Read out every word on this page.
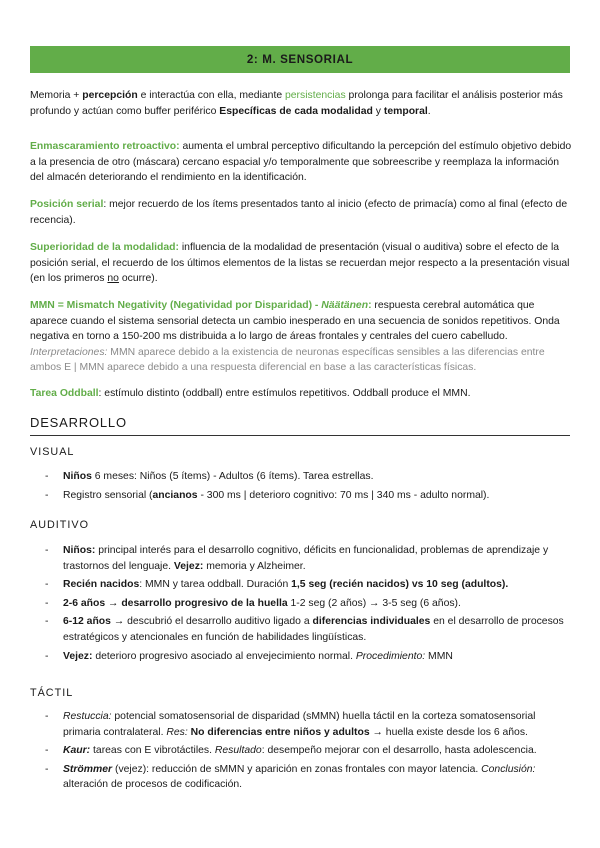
2: M. SENSORIAL

Memoria + percepción e interactúa con ella, mediante persistencias prolonga para facilitar el análisis posterior más profundo y actúan como buffer periférico Específicas de cada modalidad y temporal.

Enmascaramiento retroactivo: aumenta el umbral perceptivo dificultando la percepción del estímulo objetivo debido a la presencia de otro (máscara) cercano espacial y/o temporalmente que sobreescribe y reemplaza la información del almacén deteriorando el rendimiento en la identificación.

Posición serial: mejor recuerdo de los ítems presentados tanto al inicio (efecto de primacía) como al final (efecto de recencia).

Superioridad de la modalidad: influencia de la modalidad de presentación (visual o auditiva) sobre el efecto de la posición serial, el recuerdo de los últimos elementos de la listas se recuerdan mejor respecto a la presentación visual (en los primeros no ocurre).

MMN = Mismatch Negativity (Negatividad por Disparidad) - Näätänen: respuesta cerebral automática que aparece cuando el sistema sensorial detecta un cambio inesperado en una secuencia de sonidos repetitivos. Onda negativa en torno a 150-200 ms distribuida a lo largo de áreas frontales y centrales del cuero cabelludo.
Interpretaciones: MMN aparece debido a la existencia de neuronas específicas sensibles a las diferencias entre ambos E | MMN aparece debido a una respuesta diferencial en base a las características físicas.

Tarea Oddball: estímulo distinto (oddball) entre estímulos repetitivos. Oddball produce el MMN.

DESARROLLO
VISUAL
- Niños 6 meses: Niños (5 ítems) - Adultos (6 ítems). Tarea estrellas.
- Registro sensorial (ancianos - 300 ms | deterioro cognitivo: 70 ms | 340 ms - adulto normal).
AUDITIVO
- Niños: principal interés para el desarrollo cognitivo, déficits en funcionalidad, problemas de aprendizaje y trastornos del lenguaje. Vejez: memoria y Alzheimer.
- Recién nacidos: MMN y tarea oddball. Duración 1,5 seg (recién nacidos) vs 10 seg (adultos).
- 2-6 años → desarrollo progresivo de la huella 1-2 seg (2 años) → 3-5 seg (6 años).
- 6-12 años → descubrió el desarrollo auditivo ligado a diferencias individuales en el desarrollo de procesos estratégicos y atencionales en función de habilidades lingüísticas.
- Vejez: deterioro progresivo asociado al envejecimiento normal. Procedimiento: MMN
TÁCTIL
- Restuccia: potencial somatosensorial de disparidad (sMMN) huella táctil en la corteza somatosensorial primaria contralateral. Res: No diferencias entre niños y adultos → huella existe desde los 6 años.
- Kaur: tareas con E vibrotáctiles. Resultado: desempeño mejorar con el desarrollo, hasta adolescencia.
- Strömmer (vejez): reducción de sMMN y aparición en zonas frontales con mayor latencia. Conclusión: alteración de procesos de codificación.
